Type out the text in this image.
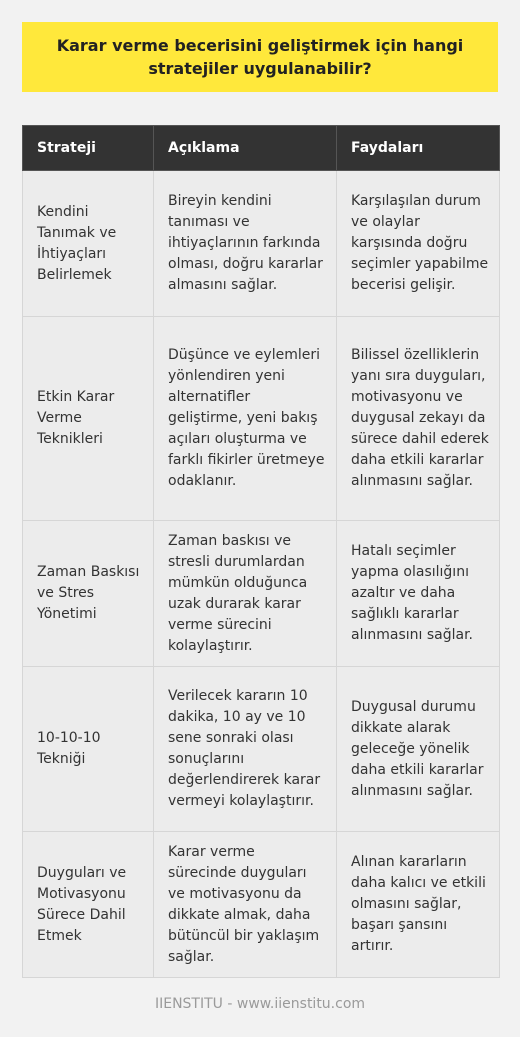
Karar verme becerisini geliştirmek için hangi stratejiler uygulanabilir?
Strateji	Açıklama	Faydaları
Kendini Tanımak ve İhtiyaçları Belirlemek	Bireyin kendini tanıması ve ihtiyaçlarının farkında olması, doğru kararlar almasını sağlar.	Karşılaşılan durum ve olaylar karşısında doğru seçimler yapabilme becerisi gelişir.
Etkin Karar Verme Teknikleri	Düşünce ve eylemleri yönlendiren yeni alternatifler geliştirme, yeni bakış açıları oluşturma ve farklı fikirler üretmeye odaklanır.	Bilissel özelliklerin yanı sıra duyguları, motivasyonu ve duygusal zekayı da sürece dahil ederek daha etkili kararlar alınmasını sağlar.
Zaman Baskısı ve Stres Yönetimi	Zaman baskısı ve stresli durumlardan mümkün olduğunca uzak durarak karar verme sürecini kolaylaştırır.	Hatalı seçimler yapma olasılığını azaltır ve daha sağlıklı kararlar alınmasını sağlar.
10-10-10 Tekniği	Verilecek kararın 10 dakika, 10 ay ve 10 sene sonraki olası sonuçlarını değerlendirerek karar vermeyi kolaylaştırır.	Duygusal durumu dikkate alarak geleceğe yönelik daha etkili kararlar alınmasını sağlar.
Duyguları ve Motivasyonu Sürece Dahil Etmek	Karar verme sürecinde duyguları ve motivasyonu da dikkate almak, daha bütüncül bir yaklaşım sağlar.	Alınan kararların daha kalıcı ve etkili olmasını sağlar, başarı şansını artırır.
IIENSTITU - www.iienstitu.com
